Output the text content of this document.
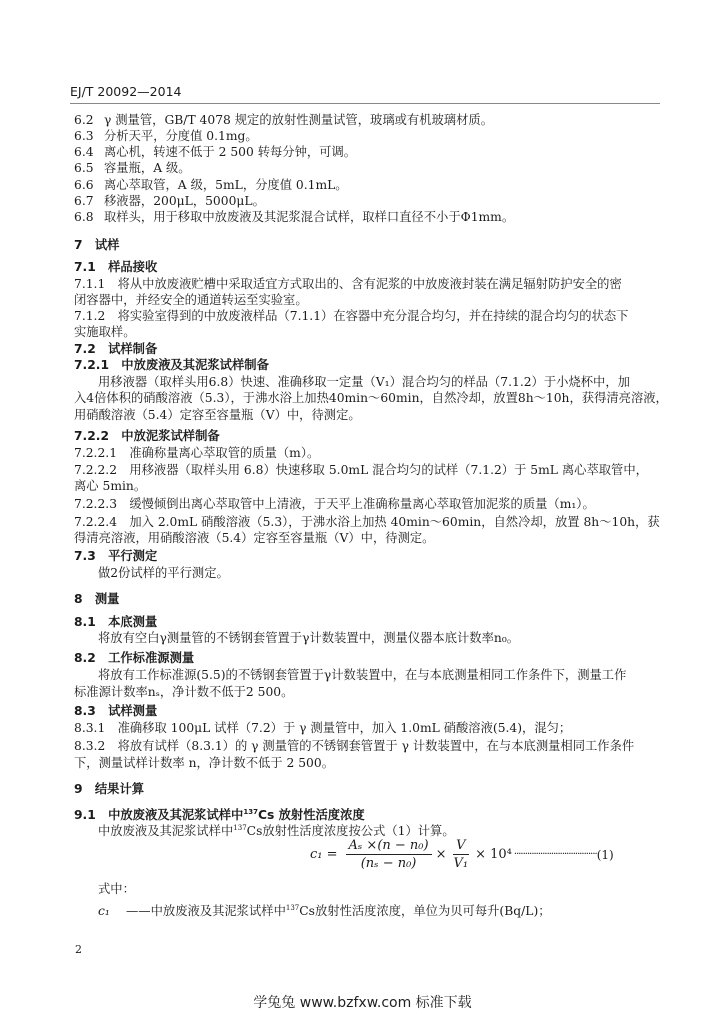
EJ/T 20092—2014
6.2 γ 测量管，GB/T 4078 规定的放射性测量试管，玻璃或有机玻璃材质。
6.3 分析天平，分度值 0.1mg。
6.4 离心机，转速不低于 2 500 转每分钟，可调。
6.5 容量瓶，A 级。
6.6 离心萃取管，A 级，5mL，分度值 0.1mL。
6.7 移液器，200μL，5000μL。
6.8 取样头，用于移取中放废液及其泥浆混合试样，取样口直径不小于Φ1mm。
7　试样
7.1　样品接收
7.1.1　将从中放废液贮槽中采取适宜方式取出的、含有泥浆的中放废液封装在满足辐射防护安全的密
闭容器中，并经安全的通道转运至实验室。
7.1.2　将实验室得到的中放废液样品（7.1.1）在容器中充分混合均匀，并在持续的混合均匀的状态下
实施取样。
7.2　试样制备
7.2.1　中放废液及其泥浆试样制备
用移液器（取样头用6.8）快速、准确移取一定量（V₁）混合均匀的样品（7.1.2）于小烧杯中，加
入4倍体积的硝酸溶液（5.3），于沸水浴上加热40min～60min，自然冷却，放置8h～10h，获得清亮溶液，
用硝酸溶液（5.4）定容至容量瓶（V）中，待测定。
7.2.2　中放泥浆试样制备
7.2.2.1　准确称量离心萃取管的质量（m）。
7.2.2.2　用移液器（取样头用 6.8）快速移取 5.0mL 混合均匀的试样（7.1.2）于 5mL 离心萃取管中，
离心 5min。
7.2.2.3　缓慢倾倒出离心萃取管中上清液，于天平上准确称量离心萃取管加泥浆的质量（m₁）。
7.2.2.4　加入 2.0mL 硝酸溶液（5.3），于沸水浴上加热 40min～60min，自然冷却，放置 8h～10h，获
得清亮溶液，用硝酸溶液（5.4）定容至容量瓶（V）中，待测定。
7.3　平行测定
做2份试样的平行测定。
8　测量
8.1　本底测量
将放有空白γ测量管的不锈钢套管置于γ计数装置中，测量仪器本底计数率n₀。
8.2　工作标准源测量
将放有工作标准源(5.5)的不锈钢套管置于γ计数装置中，在与本底测量相同工作条件下，测量工作
标准源计数率nₛ，净计数不低于2 500。
8.3　试样测量
8.3.1　准确移取 100μL 试样（7.2）于 γ 测量管中，加入 1.0mL 硝酸溶液(5.4)，混匀；
8.3.2　将放有试样（8.3.1）的 γ 测量管的不锈钢套管置于 γ 计数装置中，在与本底测量相同工作条件
下，测量试样计数率 n，净计数不低于 2 500。
9　结果计算
9.1　中放废液及其泥浆试样中$^{137}$Cs 放射性活度浓度
中放废液及其泥浆试样中$^{137}$Cs放射性活度浓度按公式（1）计算。
$c_1 = \frac{\text{Aₛ ×(n − n₀)}}{\text{(nₛ − n₀)}} \times \frac{V}{\text{V₁}} \times 10^4$ ······································ (1)
式中：
c₁ ——中放废液及其泥浆试样中$^{137}$Cs放射性活度浓度，单位为贝可每升(Bq/L)；
2
学兔兔 www.bzfxw.com 标准下载
